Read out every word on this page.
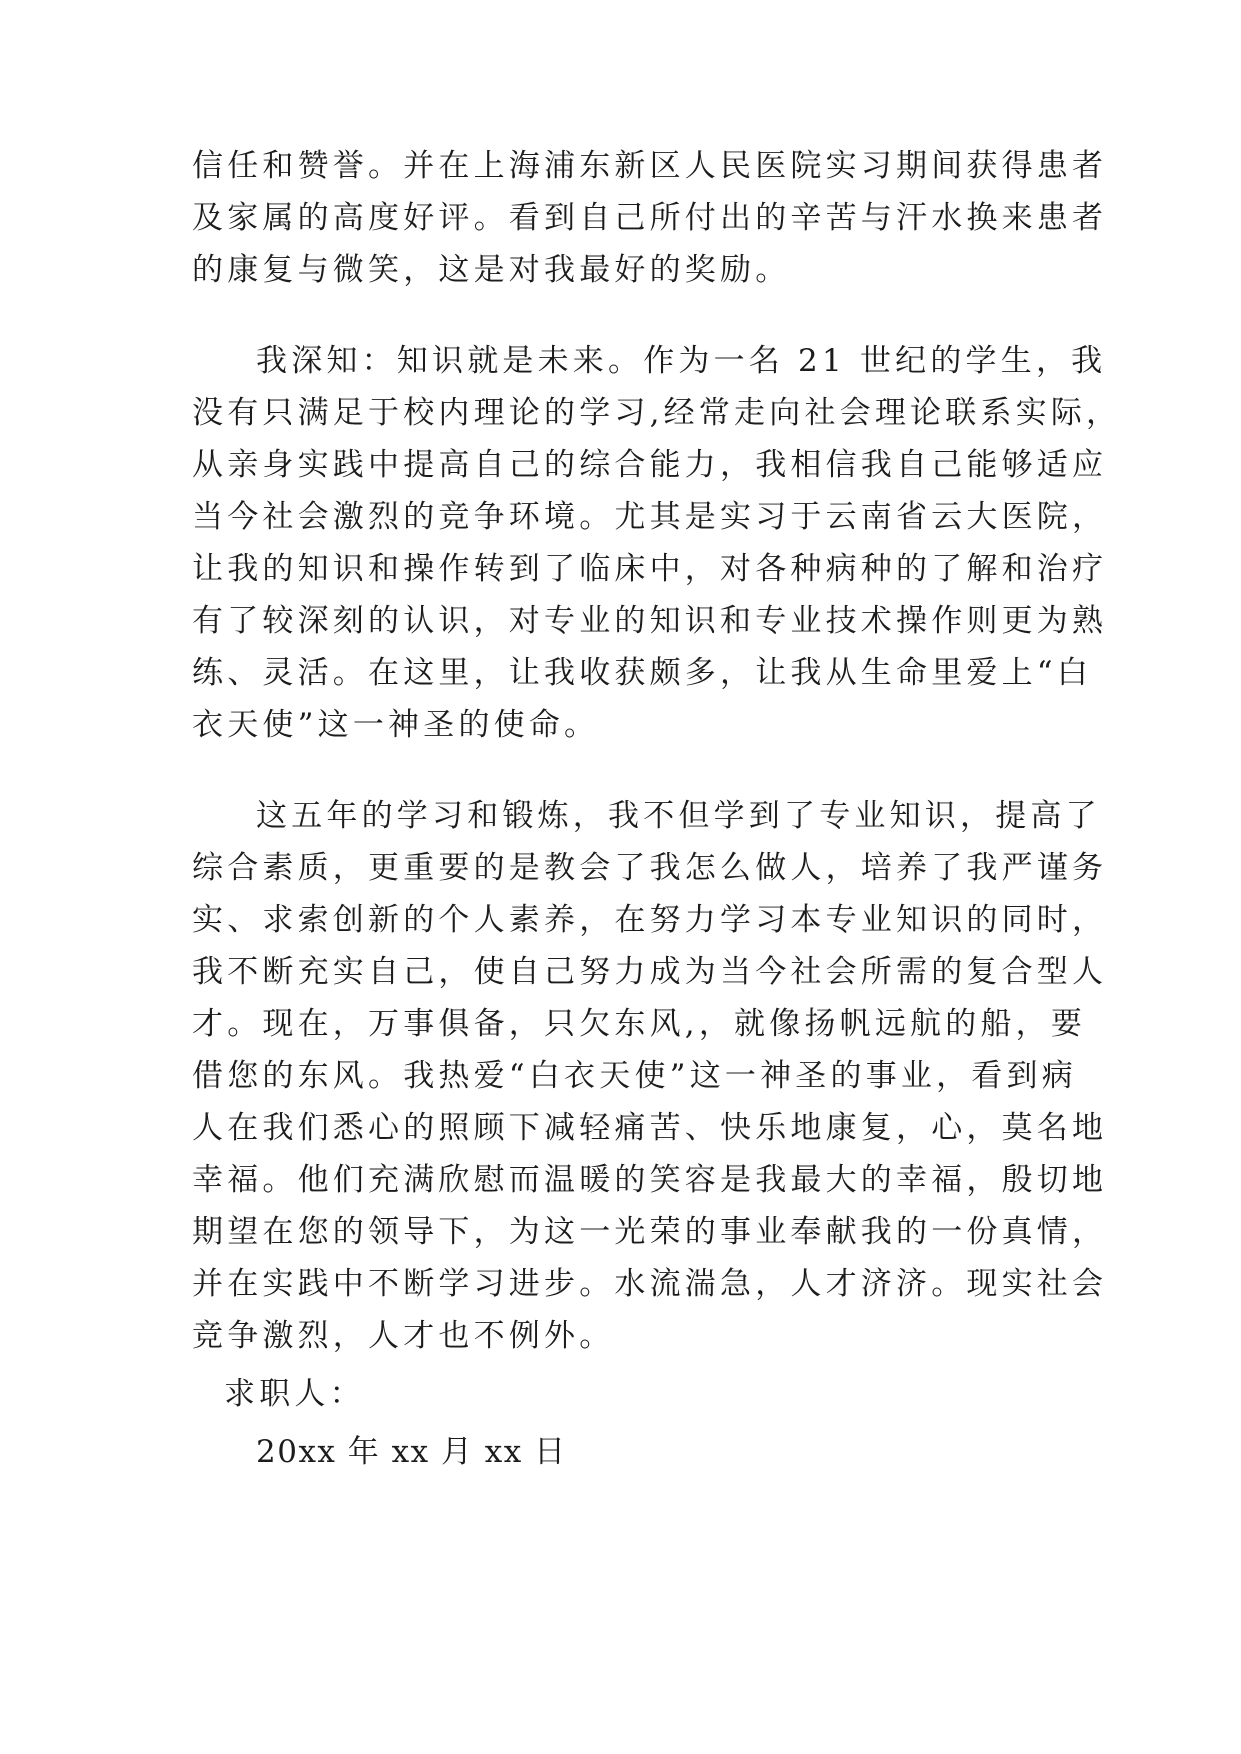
信任和赞誉。并在上海浦东新区人民医院实习期间获得患者
及家属的高度好评。看到自己所付出的辛苦与汗水换来患者
的康复与微笑，这是对我最好的奖励。
我深知：知识就是未来。作为一名 21 世纪的学生，我
没有只满足于校内理论的学习,经常走向社会理论联系实际，
从亲身实践中提高自己的综合能力，我相信我自己能够适应
当今社会激烈的竞争环境。尤其是实习于云南省云大医院，
让我的知识和操作转到了临床中，对各种病种的了解和治疗
有了较深刻的认识，对专业的知识和专业技术操作则更为熟
练、灵活。在这里，让我收获颇多，让我从生命里爱上“白
衣天使”这一神圣的使命。
这五年的学习和锻炼，我不但学到了专业知识，提高了
综合素质，更重要的是教会了我怎么做人，培养了我严谨务
实、求索创新的个人素养，在努力学习本专业知识的同时，
我不断充实自己，使自己努力成为当今社会所需的复合型人
才。现在，万事俱备，只欠东风,，就像扬帆远航的船，要
借您的东风。我热爱“白衣天使”这一神圣的事业，看到病
人在我们悉心的照顾下减轻痛苦、快乐地康复，心，莫名地
幸福。他们充满欣慰而温暖的笑容是我最大的幸福，殷切地
期望在您的领导下，为这一光荣的事业奉献我的一份真情，
并在实践中不断学习进步。水流湍急，人才济济。现实社会
竞争激烈，人才也不例外。
求职人：
20xx 年 xx 月 xx 日
